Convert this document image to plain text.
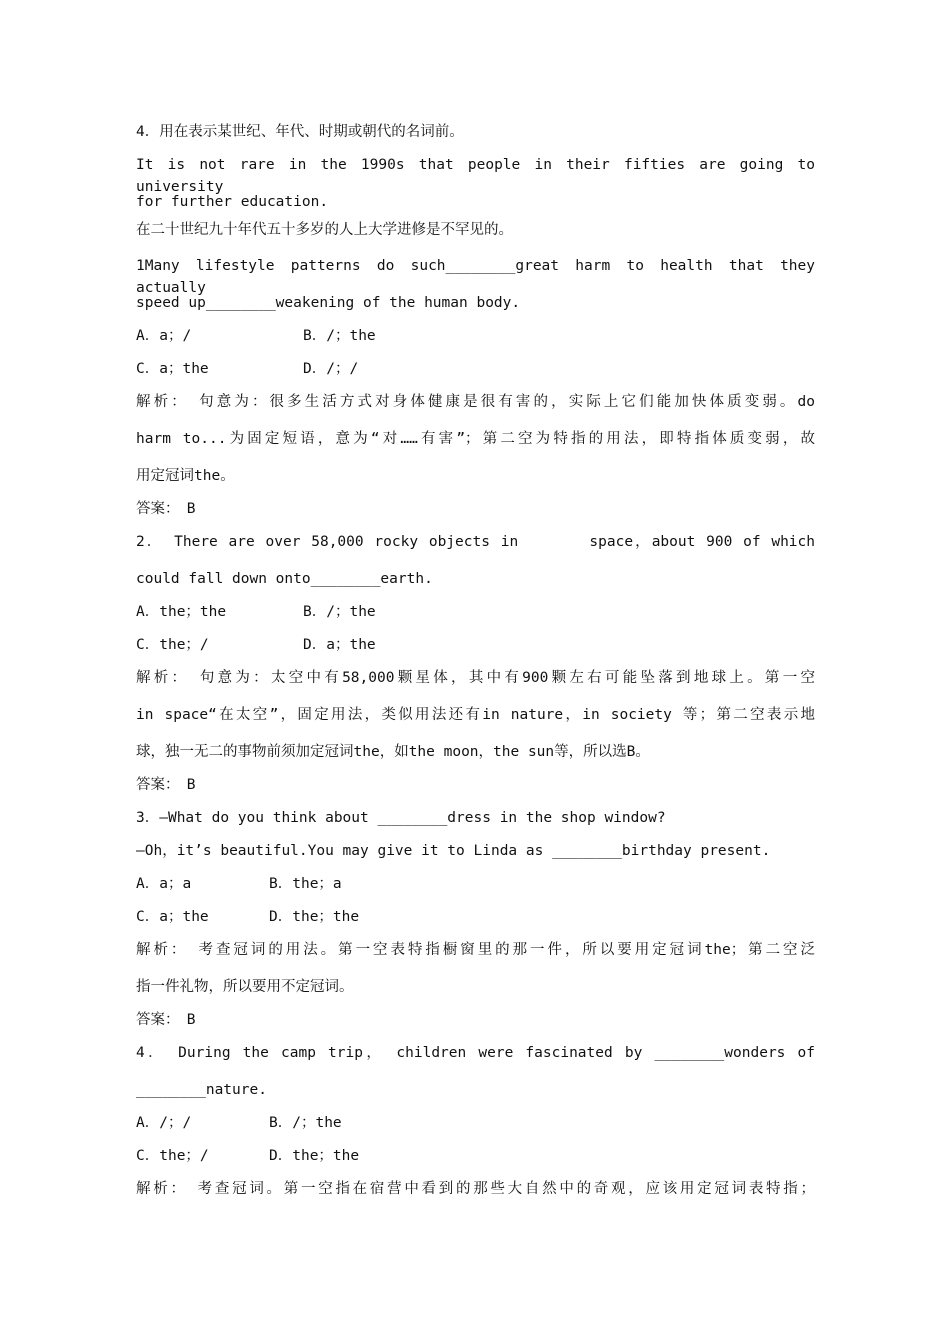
4．用在表示某世纪、年代、时期或朝代的名词前。
It is not rare in the 1990s that people in their fifties are going to university
for further education.
在二十世纪九十年代五十多岁的人上大学进修是不罕见的。
1Many lifestyle patterns do such________great harm to health that they actually
speed up________weakening of the human body.
A．a；/	B．/；the
C．a；the	D．/；/
解析：　句意为：很多生活方式对身体健康是很有害的，实际上它们能加快体质变弱。do
harm to...为固定短语，意为“对……有害”；第二空为特指的用法，即特指体质变弱，故
用定冠词the。
答案：　B
2． There are over 58,000 rocky objects in 　　　 space，about 900 of which
could fall down onto________earth.
A．the；the	B．/；the
C．the；/	D．a；the
解析：　句意为：太空中有58,000颗星体，其中有900颗左右可能坠落到地球上。第一空
in space“在太空”，固定用法，类似用法还有in nature，in society 等；第二空表示地
球，独一无二的事物前须加定冠词the，如the moon，the sun等，所以选B。
答案：　B
3．—What do you think about ________dress in the shop window?
—Oh，it’s beautiful.You may give it to Linda as ________birthday present.
A．a；a	B．the；a
C．a；the	D．the；the
解析：　考查冠词的用法。第一空表特指橱窗里的那一件，所以要用定冠词the；第二空泛
指一件礼物，所以要用不定冠词。
答案：　B
4． During the camp trip， children were fascinated by ________wonders of
________nature.
A．/；/	B．/；the
C．the；/	D．the；the
解析：　考查冠词。第一空指在宿营中看到的那些大自然中的奇观，应该用定冠词表特指；
